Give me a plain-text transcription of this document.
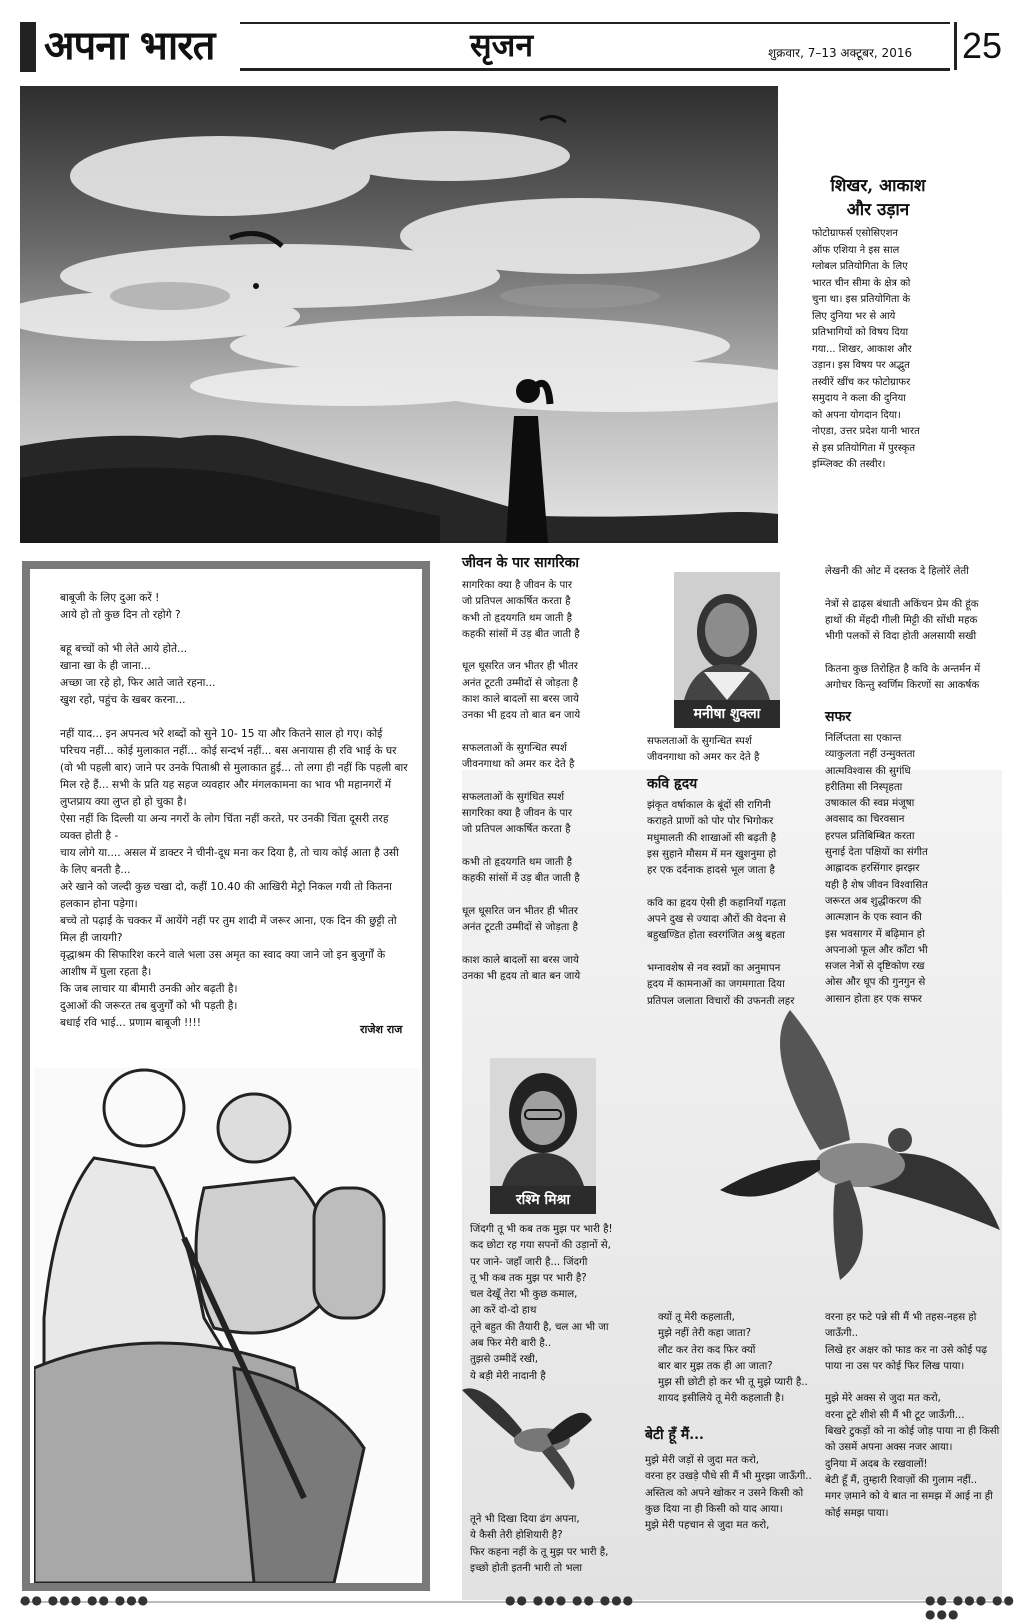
अपना भारत	सृजन	शुक्रवार, 7–13 अक्टूबर, 2016 25
शिखर, आकाश और उड़ान
फोटोग्राफर्स एसोसिएशन
ऑफ एशिया ने इस साल
ग्लोबल प्रतियोगिता के लिए
भारत चीन सीमा के क्षेत्र को
चुना था। इस प्रतियोगिता के
लिए दुनिया भर से आये
प्रतिभागियों को विषय दिया
गया... शिखर, आकाश और
उड़ान। इस विषय पर अद्भुत
तस्वीरें खींच कर फोटोग्राफर
समुदाय ने कला की दुनिया
को अपना योगदान दिया।
नोएडा, उत्तर प्रदेश यानी भारत
से इस प्रतियोगिता में पुरस्कृत
इम्प्लिक्ट की तस्वीर।

बाबूजी के लिए दुआ करें !

आये हो तो कुछ दिन तो रहोगे ?

बहू बच्चों को भी लेते आये होते...

खाना खा के ही जाना...

अच्छा जा रहे हो, फिर आते जाते रहना...

खुश रहो, पहुंच के खबर करना...

नहीं याद... इन अपनत्व भरे शब्दों को सुने 10- 15 या और कितने साल हो गए। कोई परिचय नहीं... कोई मुलाकात नहीं... कोई सन्दर्भ नहीं... बस अनायास ही रवि भाई के घर (वो भी पहली बार) जाने पर उनके पिताश्री से मुलाकात हुई... तो लगा ही नहीं कि पहली बार मिल रहे हैं... सभी के प्रति यह सहज व्यवहार और मंगलकामना का भाव भी महानगरों में लुप्तप्राय क्या लुप्त हो हो चुका है।

ऐसा नहीं कि दिल्ली या अन्य नगरों के लोग चिंता नहीं करते, पर उनकी चिंता दूसरी तरह व्यक्त होती है -

चाय लोगे या.... असल में डाक्टर ने चीनी-दूध मना कर दिया है, तो चाय कोई आता है उसी के लिए बनती है...

अरे खाने को जल्दी कुछ चखा दो, कहीं 10.40 की आखिरी मेट्रो निकल गयी तो कितना हलकान होना पड़ेगा।

बच्चे तो पढ़ाई के चक्कर में आयेंगे नहीं पर तुम शादी में जरूर आना, एक दिन की छुट्टी तो मिल ही जायगी?

वृद्धाश्रम की सिफारिश करने वाले भला उस अमृत का स्वाद क्या जाने जो इन बुजुर्गों के आशीष में घुला रहता है।

कि जब लाचार या बीमारी उनकी ओर बढ़ती है।

दुआओं की जरूरत तब बुजुर्गों को भी पड़ती है।

बधाई रवि भाई... प्रणाम बाबूजी !!!!	राजेश राज
जीवन के पार सागरिका

सागरिका क्या है जीवन के पार

जो प्रतिपल आकर्षित करता है

कभी तो हृदयगति थम जाती है

कहकी सांसों में उड़ बीत जाती है

धूल धूसरित जन भीतर ही भीतर

अनंत टूटती उम्मीदों से जोड़ता है

काश काले बादलों सा बरस जाये

उनका भी हृदय तो बात बन जाये

सफलताओं के सुगन्धित स्पर्श

जीवनगाथा को अमर कर देते है

सफलताओं के सुगंधित स्पर्श

सागरिका क्या है जीवन के पार

जो प्रतिपल आकर्षित करता है

कभी तो हृदयगति थम जाती है

कहकी सांसों में उड़ बीत जाती है

धूल धूसरित जन भीतर ही भीतर

अनंत टूटती उम्मीदों से जोड़ता है

काश काले बादलों सा बरस जाये

उनका भी हृदय तो बात बन जाये

मनीषा शुक्ला

सफलताओं के सुगन्धित स्पर्श

जीवनगाथा को अमर कर देते है

कवि हृदय

झंकृत वर्षाकाल के बूंदों सी रागिनी

कराहते प्राणों को पोर पोर भिगोकर

मधुमालती की शाखाओं सी बढ़ती है

इस सुहाने मौसम में मन खुशनुमा हो

हर एक दर्दनाक हादसे भूल जाता है

कवि का हृदय ऐसी ही कहानियाँ गढ़ता

अपने दुख से ज्यादा औरों की वेदना से

बहुखण्डित होता स्वरगंजित अश्रु बहता

भग्नावशेष से नव स्वप्नों का अनुमापन

हृदय में कामनाओं का जगमगाता दिया

प्रतिपल जलाता विचारों की उफनती लहर

लेखनी की ओट में दस्तक दे हिलोरें लेती

नेत्रों से ढाढ़स बंधाती अकिंचन प्रेम की हूंक

हाथों की मेंहदी गीली मिट्टी की सोंधी महक

भीगी पलकों से विदा होती अलसायी सखी

कितना कुछ तिरोहित है कवि के अन्तर्मन में

अगोचर किन्तु स्वर्णिम किरणों सा आकर्षक

सफर

निर्लिप्तता सा एकान्त

व्याकुलता नहीं उन्मुक्तता

आत्मविश्वास की सुगंधि

हरीतिमा सी निस्पृहता

उषाकाल की स्वप्न मंजूषा

अवसाद का चिरवसान

हरपल प्रतिबिम्बित करता

सुनाई देता पक्षियों का संगीत

आह्लादक हरसिंगार झरझर

यही है शेष जीवन विश्वासित

जरूरत अब शुद्धीकरण की

आत्मज्ञान के एक स्वान की

इस भवसागर में बढ़िमान हो

अपनाओ फूल और काँटा भी

सजल नेत्रों से दृष्टिकोण रख

ओस और धूप की गुनगुन से

आसान होता हर एक सफर

रश्मि मिश्रा

जिंदगी तू भी कब तक मुझ पर भारी है!

कद छोटा रह गया सपनों की उड़ानों से,

पर जाने- जहाँ जारी है... जिंदगी

तू भी कब तक मुझ पर भारी है?

चल देखूँ तेरा भी कुछ कमाल,

आ करें दो-दो हाथ

तूने बहुत की तैयारी है, चल आ भी जा

अब फिर मेरी बारी है..

तुझसे उम्मीदें रखी,

ये बड़ी मेरी नादानी है

तूने भी दिखा दिया ढंग अपना,

ये कैसी तेरी होशियारी है?

फिर कहना नहीं के तू मुझ पर भारी है,

इच्छो होती इतनी भारी तो भला

क्यों तू मेरी कहलाती,

मुझे नहीं तेरी कहा जाता?

लौट कर तेरा कद फिर क्यों

बार बार मुझ तक ही आ जाता?

मुझ सी छोटी हो कर भी तू मुझे प्यारी है..

शायद इसीलिये तू मेरी कहलाती है।

बेटी हूँ मैं...

मुझे मेरी जड़ों से जुदा मत करो,

वरना हर उखड़े पौधे सी मैं भी मुरझा जाऊँगी..

अस्तित्व को अपने खोकर न उसने किसी को कुछ दिया ना ही किसी को याद आया।

मुझे मेरी पहचान से जुदा मत करो,

वरना हर फटे पन्ने सी मैं भी तहस-नहस हो जाऊँगी..

लिखे हर अक्षर को फाड कर ना उसे कोई पढ़ पाया ना उस पर कोई फिर लिख पाया।

मुझे मेरे अक्स से जुदा मत करो,

वरना टूटे शीशे सी मैं भी टूट जाऊँगी...

बिखरे टुकड़ों को ना कोई जोड़ पाया ना ही किसी को उसमें अपना अक्स नजर आया।

दुनिया में अदब के रखवालों!

बेटी हूँ मैं, तुम्हारी रिवाज़ों की गुलाम नहीं..

मगर ज़माने को ये बात ना समझ में आई ना ही कोई समझ पाया।

●● ●●● ●● ●●●	●● ●●● ●● ●●●	●● ●●● ●● ●●●
